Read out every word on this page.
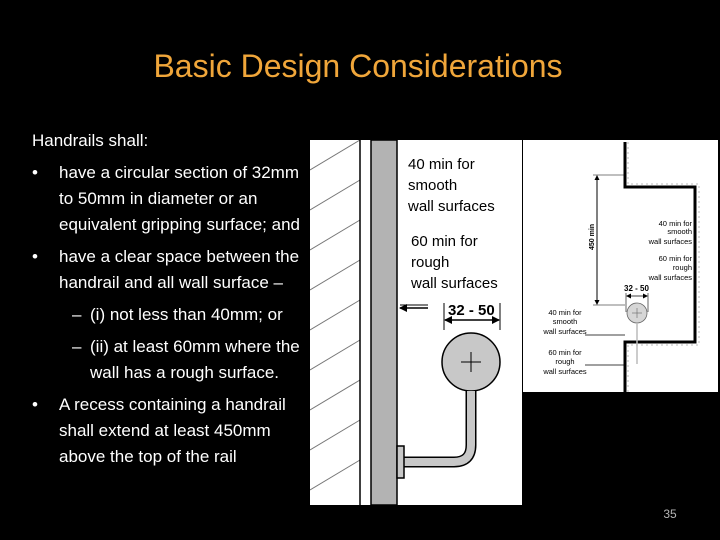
Basic Design Considerations
Handrails shall:
• have a circular section of 32mm to 50mm in diameter or an equivalent gripping surface; and
• have a clear space between the handrail and all wall surface –
– (i) not less than 40mm; or
– (ii) at least 60mm where the wall has a rough surface.
• A recess containing a handrail shall extend at least 450mm above the top of the rail
40 min for
smooth
wall surfaces
60 min for
rough
wall surfaces
32 - 50
450 min
40 min for
smooth
wall surfaces
60 min for
rough
wall surfaces
32 - 50
40 min for
smooth
wall surfaces
60 min for
rough
wall surfaces
35
